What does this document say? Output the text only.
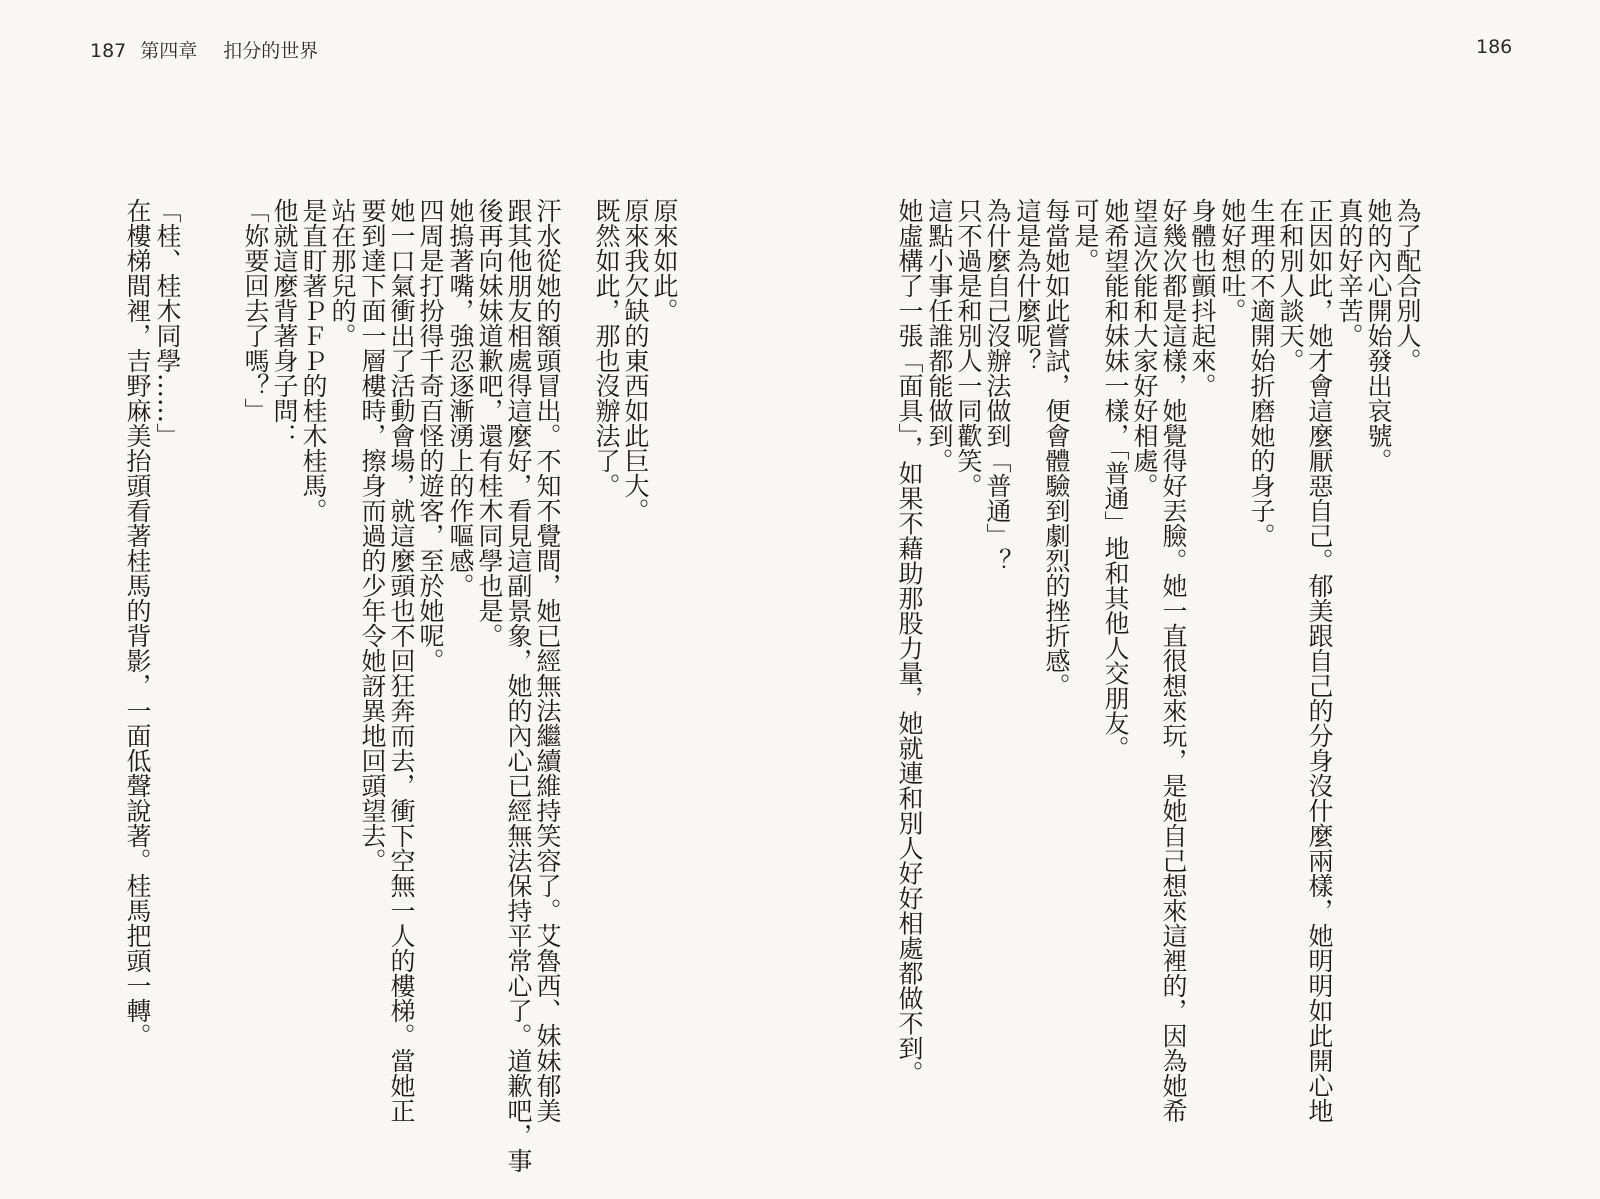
187 第四章 扣分的世界	186
為了配合別人。
她的內心開始發出哀號。
真的好辛苦。
正因如此，她才會這麼厭惡自己。郁美跟自己的分身沒什麼兩樣，她明明如此開心地
在和別人談天。
生理的不適開始折磨她的身子。
她好想吐。
身體也顫抖起來。
好幾次都是這樣，她覺得好丟臉。她一直很想來玩，是她自己想來這裡的，因為她希
望這次能和大家好好相處。
她希望能和妹妹一樣，「普通」地和其他人交朋友。
可是。
每當她如此嘗試，便會體驗到劇烈的挫折感。
這是為什麼呢？
為什麼自己沒辦法做到「普通」？
只不過是和別人一同歡笑。
這點小事任誰都能做到。
她虛構了一張「面具」，如果不藉助那股力量，她就連和別人好好相處都做不到。
原來如此。
原來我欠缺的東西如此巨大。
既然如此，那也沒辦法了。
汗水從她的額頭冒出。不知不覺間，她已經無法繼續維持笑容了。艾魯西、妹妹郁美
跟其他朋友相處得這麼好，看見這副景象，她的內心已經無法保持平常心了。道歉吧，事
後再向妹妹道歉吧，還有桂木同學也是。
她摀著嘴，強忍逐漸湧上的作嘔感。
四周是打扮得千奇百怪的遊客，至於她呢。
她一口氣衝出了活動會場，就這麼頭也不回狂奔而去，衝下空無一人的樓梯。當她正
要到達下面一層樓時，擦身而過的少年令她訝異地回頭望去。
站在那兒的。
是直盯著ＰＦＰ的桂木桂馬。
他就這麼背著身子問：
「妳要回去了嗎？」
「桂、桂木同學……」
在樓梯間裡，吉野麻美抬頭看著桂馬的背影，一面低聲說著。桂馬把頭一轉。
